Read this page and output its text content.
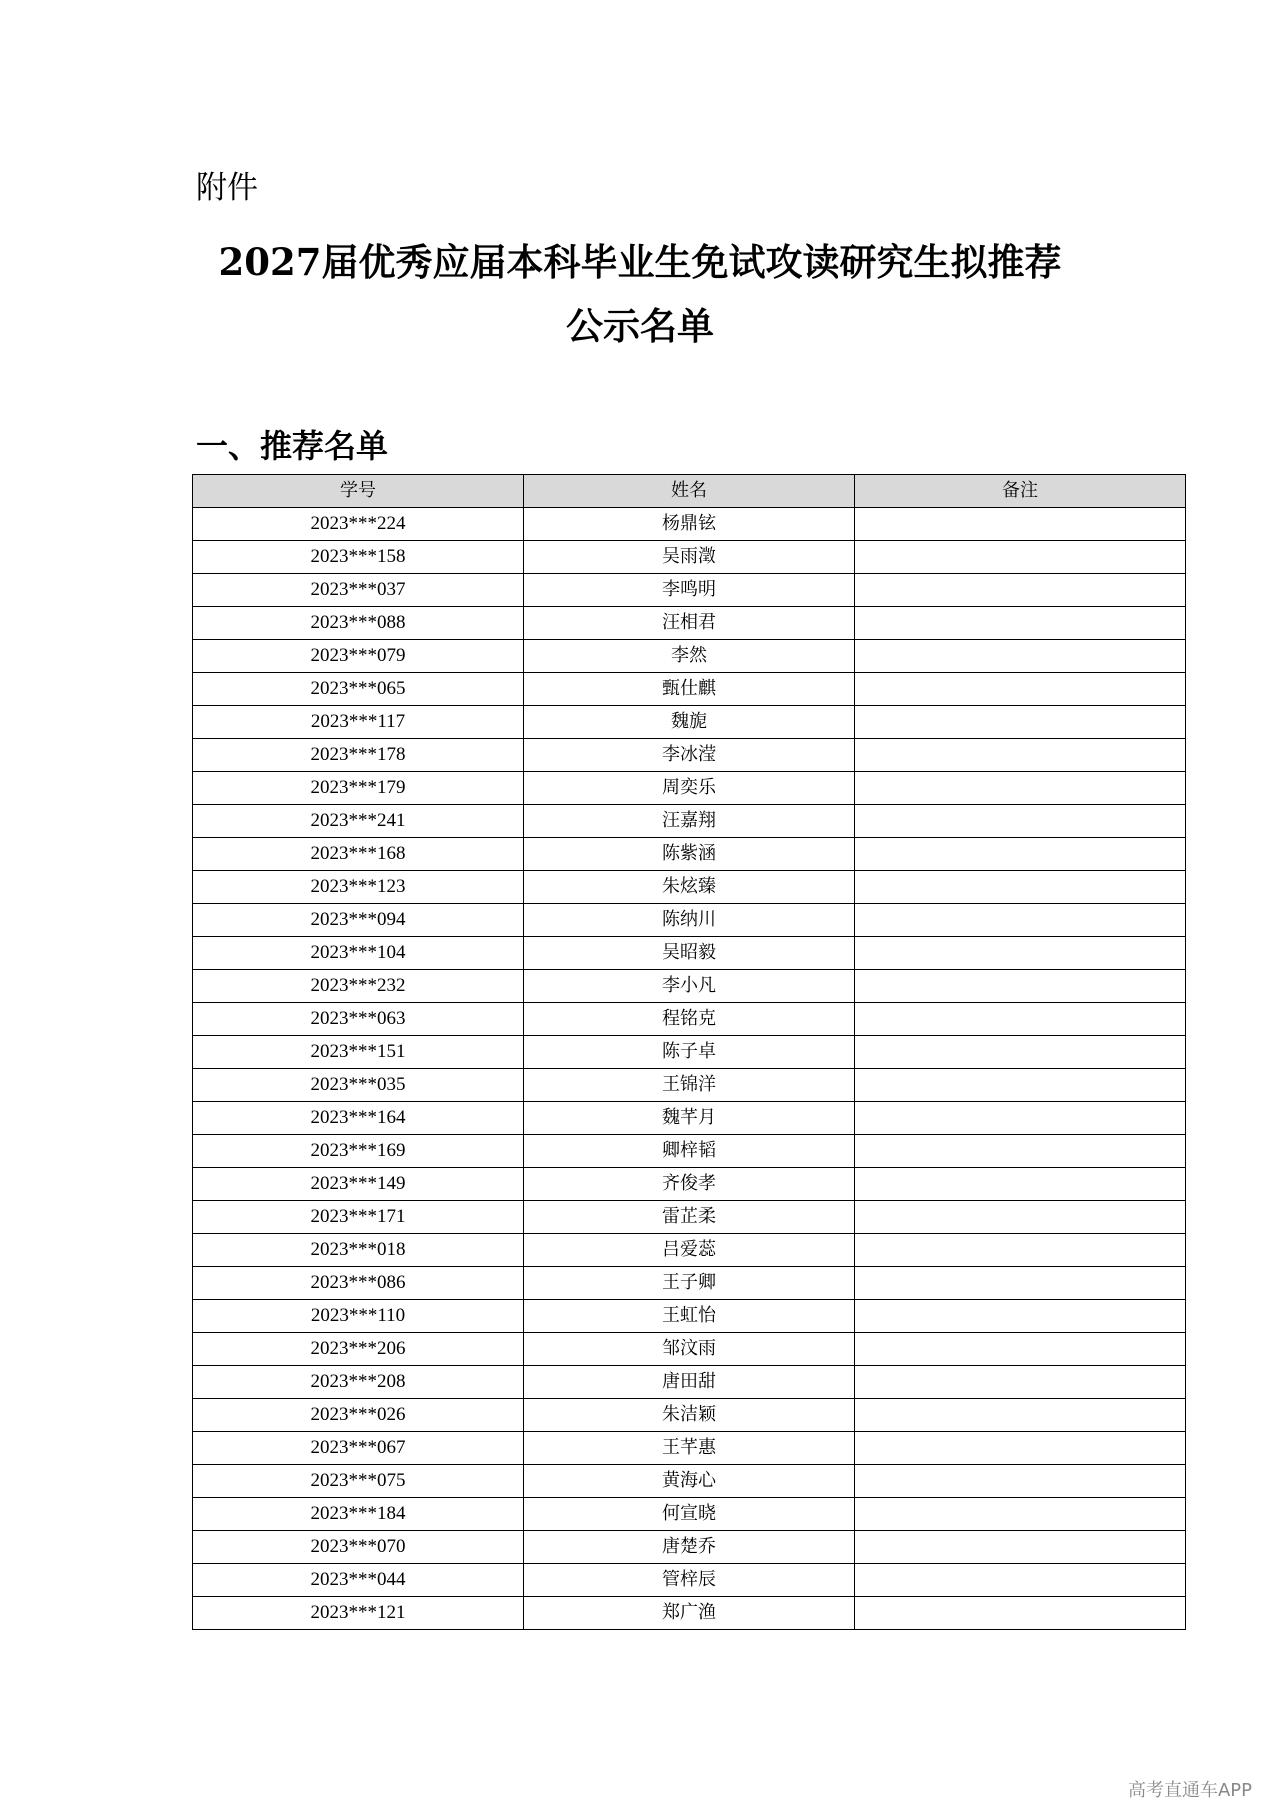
附件

2027届优秀应届本科毕业生免试攻读研究生拟推荐
公示名单
一、推荐名单
学号	姓名	备注
2023***224	杨鼎铉	
2023***158	吴雨澂	
2023***037	李鸣明	
2023***088	汪相君	
2023***079	李然	
2023***065	甄仕麒	
2023***117	魏旎	
2023***178	李冰滢	
2023***179	周奕乐	
2023***241	汪嘉翔	
2023***168	陈紫涵	
2023***123	朱炫臻	
2023***094	陈纳川	
2023***104	吴昭毅	
2023***232	李小凡	
2023***063	程铭克	
2023***151	陈子卓	
2023***035	王锦洋	
2023***164	魏芊月	
2023***169	卿梓韬	
2023***149	齐俊孝	
2023***171	雷芷柔	
2023***018	吕爱蕊	
2023***086	王子卿	
2023***110	王虹怡	
2023***206	邹汶雨	
2023***208	唐田甜	
2023***026	朱洁颖	
2023***067	王芊惠	
2023***075	黄海心	
2023***184	何宣晓	
2023***070	唐楚乔	
2023***044	管梓辰	
2023***121	郑广渔	
高考直通车APP
